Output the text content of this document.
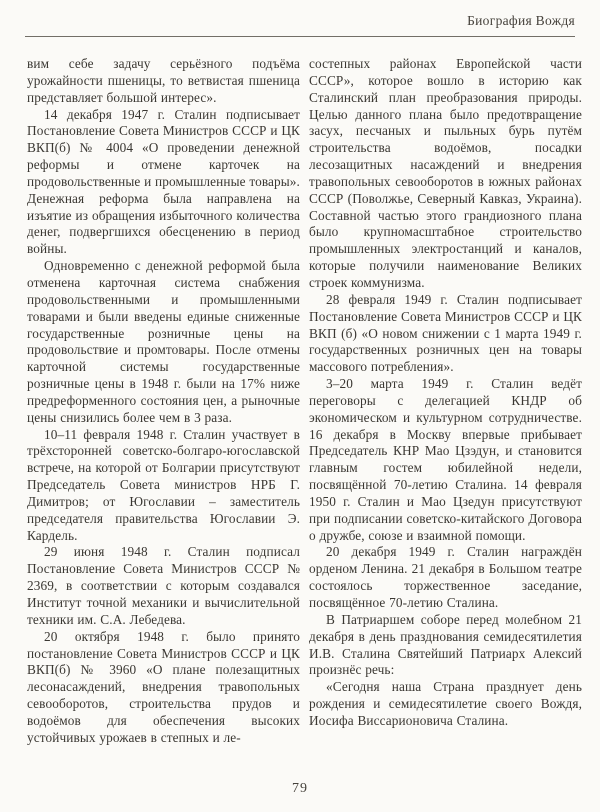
Биография Вождя

вим себе задачу серьёзного подъёма урожайности пшеницы, то ветвистая пшеница представляет большой интерес».

14 декабря 1947 г. Сталин подписывает Постановление Совета Министров СССР и ЦК ВКП(б) № 4004 «О проведении денежной реформы и отмене карточек на продовольственные и промышленные товары». Денежная реформа была направлена на изъятие из обращения избыточного количества денег, подвергшихся обесценению в период войны.

Одновременно с денежной реформой была отменена карточная система снабжения продовольственными и промышленными товарами и были введены единые сниженные государственные розничные цены на продовольствие и промтовары. После отмены карточной системы государственные розничные цены в 1948 г. были на 17% ниже предреформенного состояния цен, а рыночные цены снизились более чем в 3 раза.

10–11 февраля 1948 г. Сталин участвует в трёхсторонней советско-болгаро-югославской встрече, на которой от Болгарии присутствуют Председатель Совета министров НРБ Г. Димитров; от Югославии – заместитель председателя правительства Югославии Э. Кардель.

29 июня 1948 г. Сталин подписал Постановление Совета Министров СССР № 2369, в соответствии с которым создавался Институт точной механики и вычислительной техники им. С.А. Лебедева.

20 октября 1948 г. было принято постановление Совета Министров СССР и ЦК ВКП(б) № 3960 «О плане полезащитных лесонасаждений, внедрения травопольных севооборотов, строительства прудов и водоёмов для обеспечения высоких устойчивых урожаев в степных и ле-

состепных районах Европейской части СССР», которое вошло в историю как Сталинский план преобразования природы. Целью данного плана было предотвращение засух, песчаных и пыльных бурь путём строительства водоёмов, посадки лесозащитных насаждений и внедрения травопольных севооборотов в южных районах СССР (Поволжье, Северный Кавказ, Украина). Составной частью этого грандиозного плана было крупномасштабное строительство промышленных электростанций и каналов, которые получили наименование Великих строек коммунизма.

28 февраля 1949 г. Сталин подписывает Постановление Совета Министров СССР и ЦК ВКП (б) «О новом снижении с 1 марта 1949 г. государственных розничных цен на товары массового потребления».

3–20 марта 1949 г. Сталин ведёт переговоры с делегацией КНДР об экономическом и культурном сотрудничестве. 16 декабря в Москву впервые прибывает Председатель КНР Мао Цзэдун, и становится главным гостем юбилейной недели, посвящённой 70-летию Сталина. 14 февраля 1950 г. Сталин и Мао Цзедун присутствуют при подписании советско-китайского Договора о дружбе, союзе и взаимной помощи.

20 декабря 1949 г. Сталин награждён орденом Ленина. 21 декабря в Большом театре состоялось торжественное заседание, посвящённое 70-летию Сталина.

В Патриаршем соборе перед молебном 21 декабря в день празднования семидесятилетия И.В. Сталина Святейший Патриарх Алексий произнёс речь:

«Сегодня наша Страна празднует день рождения и семидесятилетие своего Вождя, Иосифа Виссарионовича Сталина.

79
